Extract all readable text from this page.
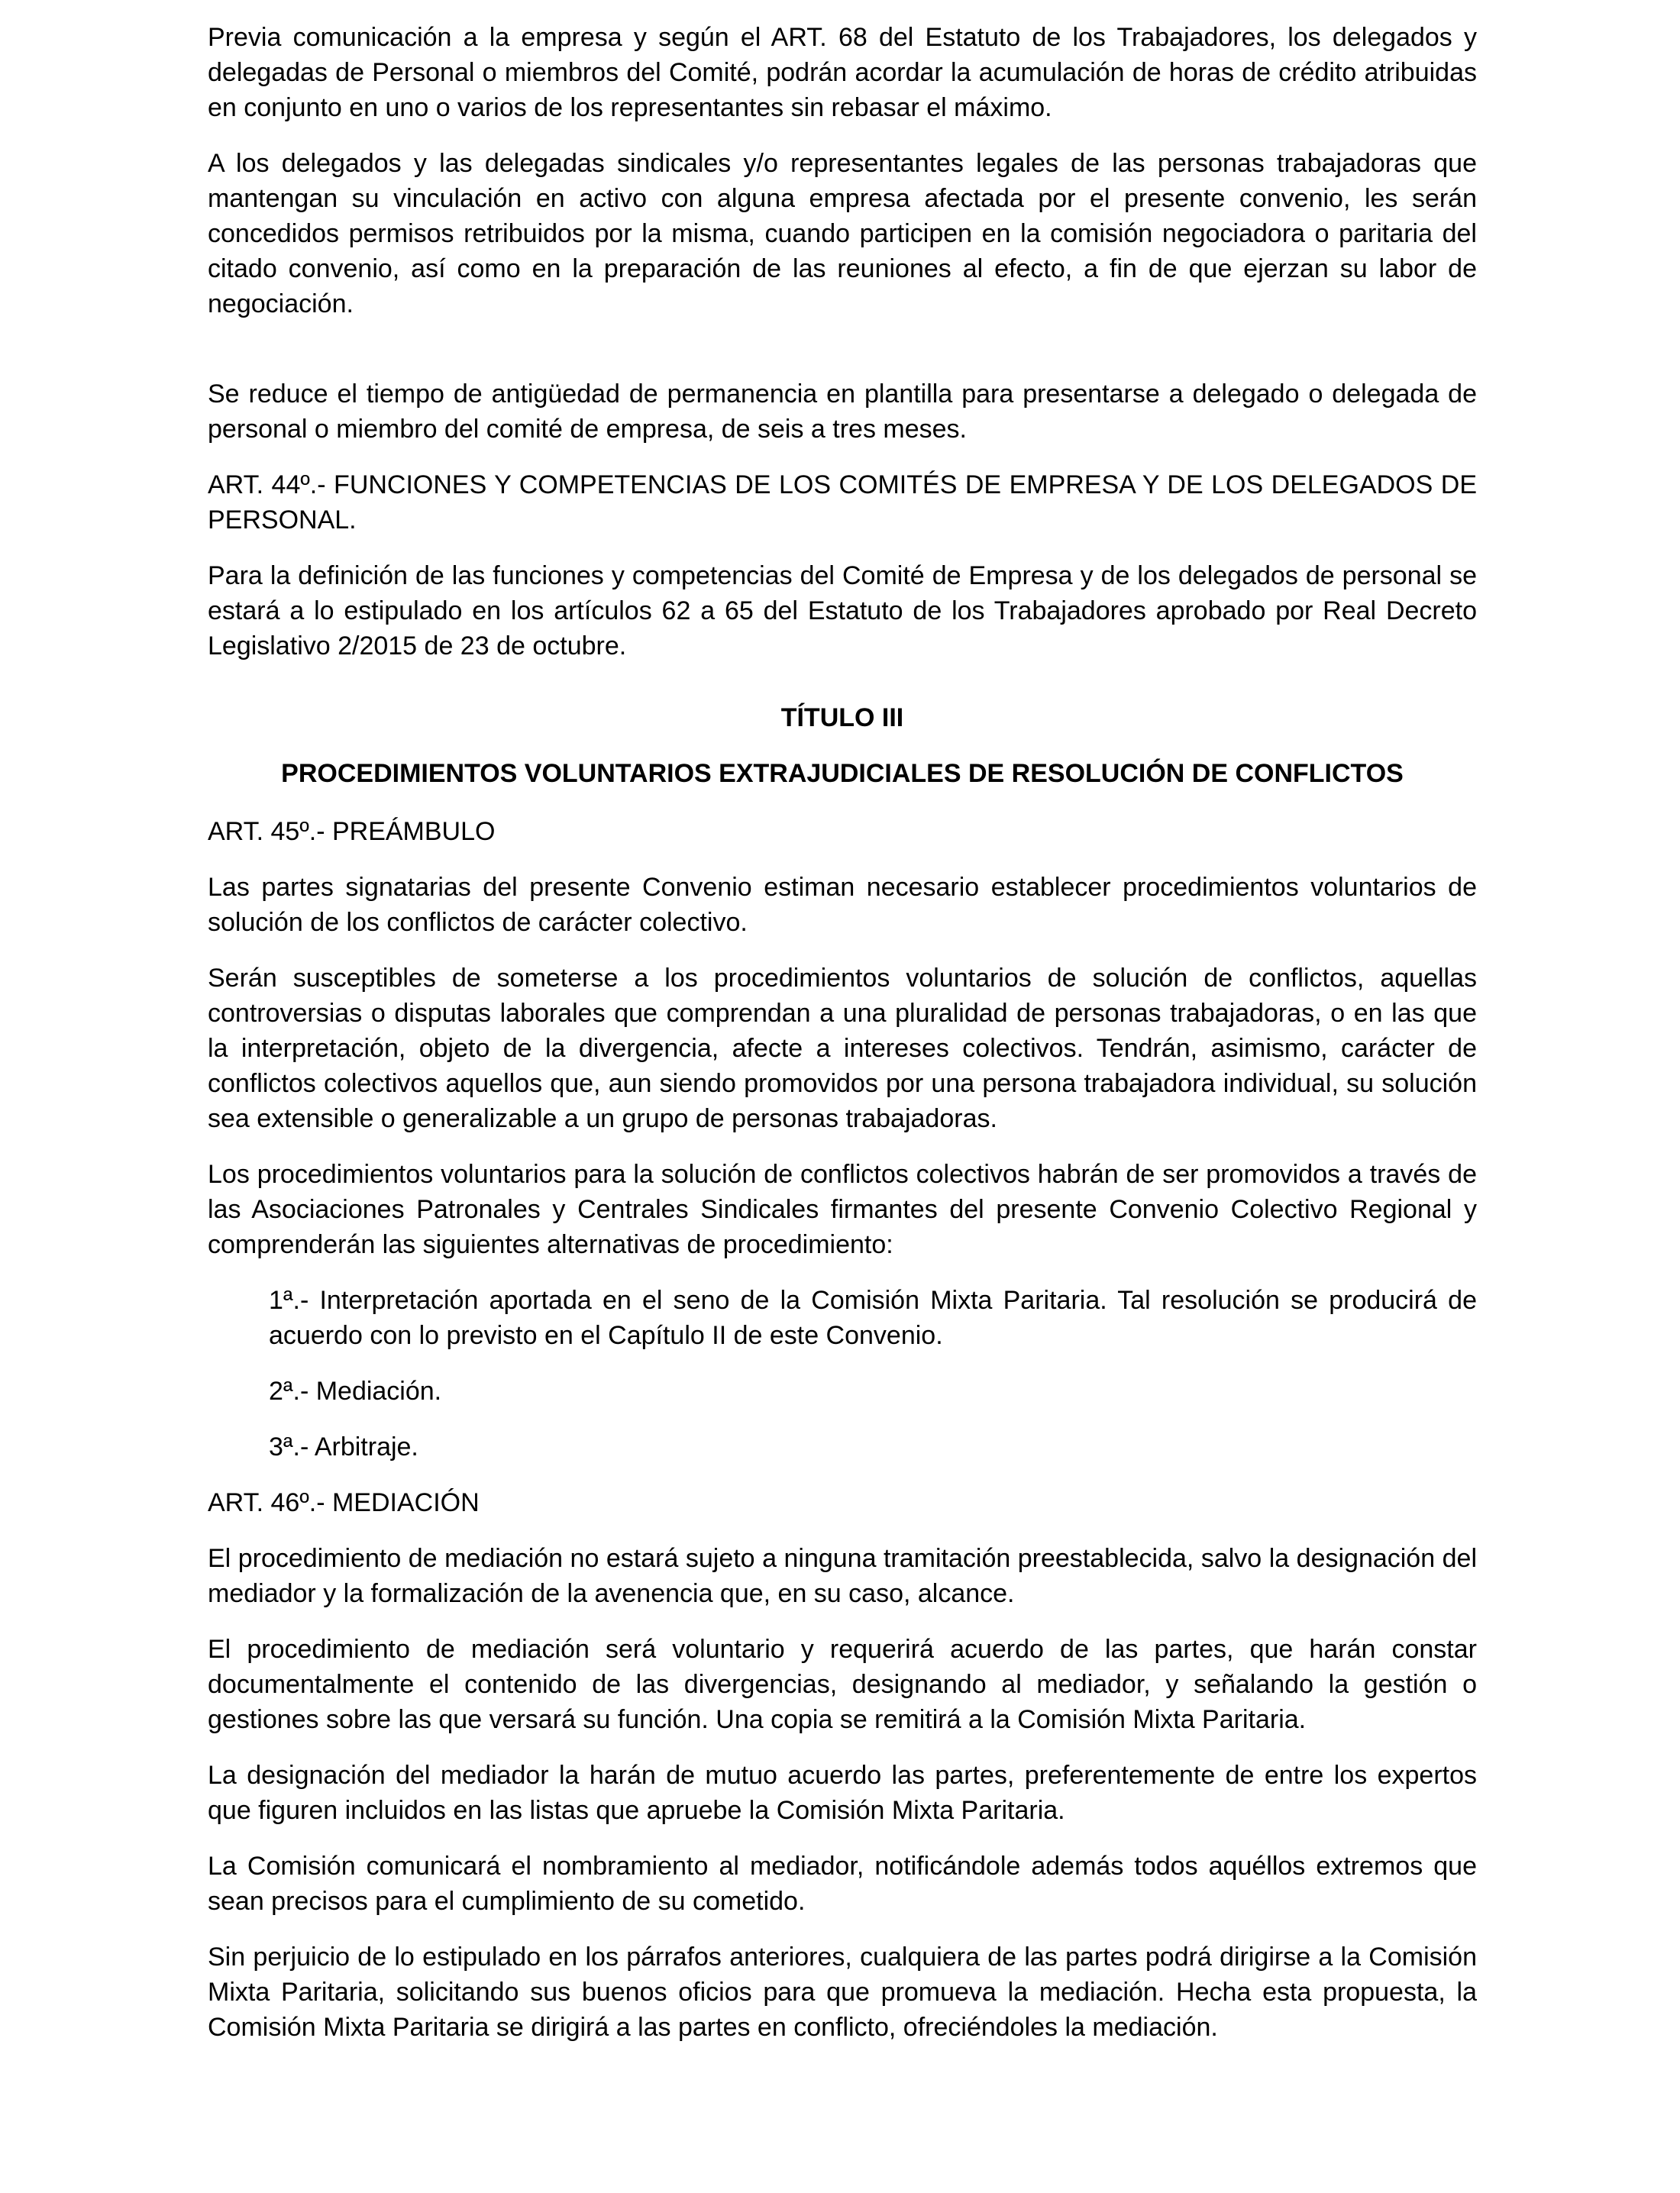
Previa comunicación a la empresa y según el ART. 68 del Estatuto de los Trabajadores, los delegados y delegadas de Personal o miembros del Comité, podrán acordar la acumulación de horas de crédito atribuidas en conjunto en uno o varios de los representantes sin rebasar el máximo.

A los delegados y las delegadas sindicales y/o representantes legales de las personas trabajadoras que mantengan su vinculación en activo con alguna empresa afectada por el presente convenio, les serán concedidos permisos retribuidos por la misma, cuando participen en la comisión negociadora o paritaria del citado convenio, así como en la preparación de las reuniones al efecto, a fin de que ejerzan su labor de negociación.

Se reduce el tiempo de antigüedad de permanencia en plantilla para presentarse a delegado o delegada de personal o miembro del comité de empresa, de seis a tres meses.

ART. 44º.- FUNCIONES Y COMPETENCIAS DE LOS COMITÉS DE EMPRESA Y DE LOS DELEGADOS DE PERSONAL.

Para la definición de las funciones y competencias del Comité de Empresa y de los delegados de personal se estará a lo estipulado en los artículos 62 a 65 del Estatuto de los Trabajadores aprobado por Real Decreto Legislativo 2/2015 de 23 de octubre.

TÍTULO III
PROCEDIMIENTOS VOLUNTARIOS EXTRAJUDICIALES DE RESOLUCIÓN DE CONFLICTOS

ART. 45º.- PREÁMBULO

Las partes signatarias del presente Convenio estiman necesario establecer procedimientos voluntarios de solución de los conflictos de carácter colectivo.

Serán susceptibles de someterse a los procedimientos voluntarios de solución de conflictos, aquellas controversias o disputas laborales que comprendan a una pluralidad de personas trabajadoras, o en las que la interpretación, objeto de la divergencia, afecte a intereses colectivos. Tendrán, asimismo, carácter de conflictos colectivos aquellos que, aun siendo promovidos por una persona trabajadora individual, su solución sea extensible o generalizable a un grupo de personas trabajadoras.

Los procedimientos voluntarios para la solución de conflictos colectivos habrán de ser promovidos a través de las Asociaciones Patronales y Centrales Sindicales firmantes del presente Convenio Colectivo Regional y comprenderán las siguientes alternativas de procedimiento:

1ª.- Interpretación aportada en el seno de la Comisión Mixta Paritaria. Tal resolución se producirá de acuerdo con lo previsto en el Capítulo II de este Convenio.

2ª.- Mediación.

3ª.- Arbitraje.

ART. 46º.- MEDIACIÓN

El procedimiento de mediación no estará sujeto a ninguna tramitación preestablecida, salvo la designación del mediador y la formalización de la avenencia que, en su caso, alcance.

El procedimiento de mediación será voluntario y requerirá acuerdo de las partes, que harán constar documentalmente el contenido de las divergencias, designando al mediador, y señalando la gestión o gestiones sobre las que versará su función. Una copia se remitirá a la Comisión Mixta Paritaria.

La designación del mediador la harán de mutuo acuerdo las partes, preferentemente de entre los expertos que figuren incluidos en las listas que apruebe la Comisión Mixta Paritaria.

La Comisión comunicará el nombramiento al mediador, notificándole además todos aquéllos extremos que sean precisos para el cumplimiento de su cometido.

Sin perjuicio de lo estipulado en los párrafos anteriores, cualquiera de las partes podrá dirigirse a la Comisión Mixta Paritaria, solicitando sus buenos oficios para que promueva la mediación. Hecha esta propuesta, la Comisión Mixta Paritaria se dirigirá a las partes en conflicto, ofreciéndoles la mediación.
